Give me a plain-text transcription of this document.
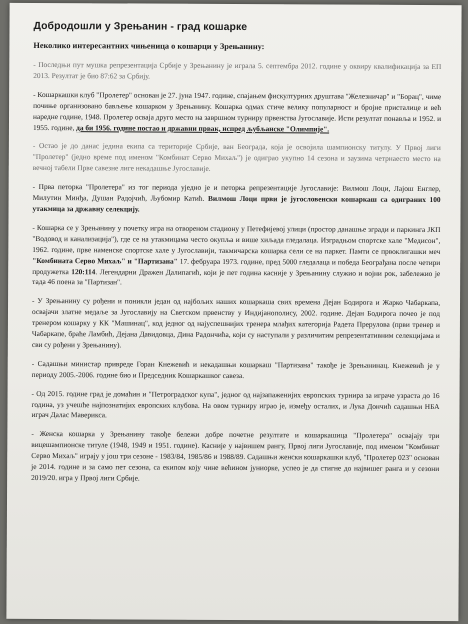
Добродошли у Зрењанин - град кошарке
Неколико интересантних чињеница о кошарци у Зрењанину:

- Последњи пут мушка репрезентација Србије у Зрењанину је играла 5. септембра 2012. године у оквиру квалификација за ЕП 2013. Резултат је био 87:62 за Србију.

- Кошаркашки клуб "Пролетер" основан је 27. јуна 1947. године, спајањем фискултурних друштава "Железничар" и "Борац", чиме почиње организовано бављење кошарком у Зрењанину. Кошарка одмах стиче велику популарност и бројне присталице и већ наредне године, 1948. Пролетер осваја друго место на завршном турниру првенства Југославије. Исти резултат понавља и 1952. и 1955. године, да би 1956. године постао и државни првак, испред љубљанске "Олимпије".

- Остао је до данас једина екипа са територије Србије, ван Београда, која је освојила шампионску титулу. У Првој лиги "Пролетер" (једно време под именом "Комбинат Серво Михаљ") је одиграо укупно 14 сезона и заузима четрнаесто место на вечној табели Прве савезне лиге некадашње Југославије.

- Прва петорка "Пролетера" из тог периода уједно је и петорка репрезентације Југославије: Вилмош Лоци, Лајош Енглер, Милутин Минђа, Душан Радојчић, Љубомир Катић. Вилмош Лоци први је југословенски кошаркаш са одиграних 100 утакмица за државну селекцију.

- Кошарка се у Зрењанину у почетку игра на отвореном стадиону у Петефијевој улици (простор данашње згради и паркинга ЈКП "Водовод и канализација"), где се на утакмицама често окупља и више хиљада гледалаца. Изградњом спортске хале "Медисон", 1962. године, прве наменске спортске хале у Југославији, такмичарска кошарка сели се на паркет. Памти се првоклигашки меч "Комбината Серво Михаљ" и "Партизана" 17. фебруара 1973. године, пред 5000 гледалаца и победа Београђана после четири продужетка 120:114. Легендарни Дражен Далипагић, који је пет година касније у Зрењанину служио и војни рок, забележио је тада 46 поена за "Партизан".

- У Зрењанину су рођени и поникли један од најбољих наших кошаркаша свих времена Дејан Бодирога и Жарко Чабаркапа, освајачи златне медаље за Југославију на Светском првенству у Индијанополису, 2002. године. Дејан Бодирога почео је под тренером кошарку у КК "Машинац", код једног од најуспешнијих тренера млађих категорија Радета Прерулова (први тренер и Чабаркапе, браће Ламбић, Дејана Давидовца, Дина Радончића, који су наступали у различитим репрезентативним селекцијама и сви су рођени у Зрењанину).

- Садашњи министар привреде Горан Кнежевић и некадашњи кошаркаш "Партизана" такође је Зрењанинац. Кнежевић је у периоду 2005.-2006. године био и Председник Кошаркашког савеза.

- Од 2015. године град је домаћин и "Петроградског купа", једног од најзапаженијих европских турнира за играче узраста до 16 година, уз учешће најпознатијих европских клубова. На овом турниру играо је, између осталих, и Лука Дончић садашњи НБА играч Далас Маверикса.

- Женска кошарка у Зрењанину такође бележи добре почетне резултате и кошаркашица "Пролетера" освајају три вицешампионске титуле (1948, 1949 и 1951. године). Касније у највишем рангу, Првој лиги Југославије, под именом "Комбинат Серво Михаљ" играју у још три сезоне - 1983/84, 1985/86 и 1988/89. Садашњи женски кошаркашки клуб, "Пролетер 023" основан је 2014. године и за само пет сезона, са екипом коју чине већином јуниорке, успео је да стигне до највишег ранга и у сезони 2019/20. игра у Првој лиги Србије.
